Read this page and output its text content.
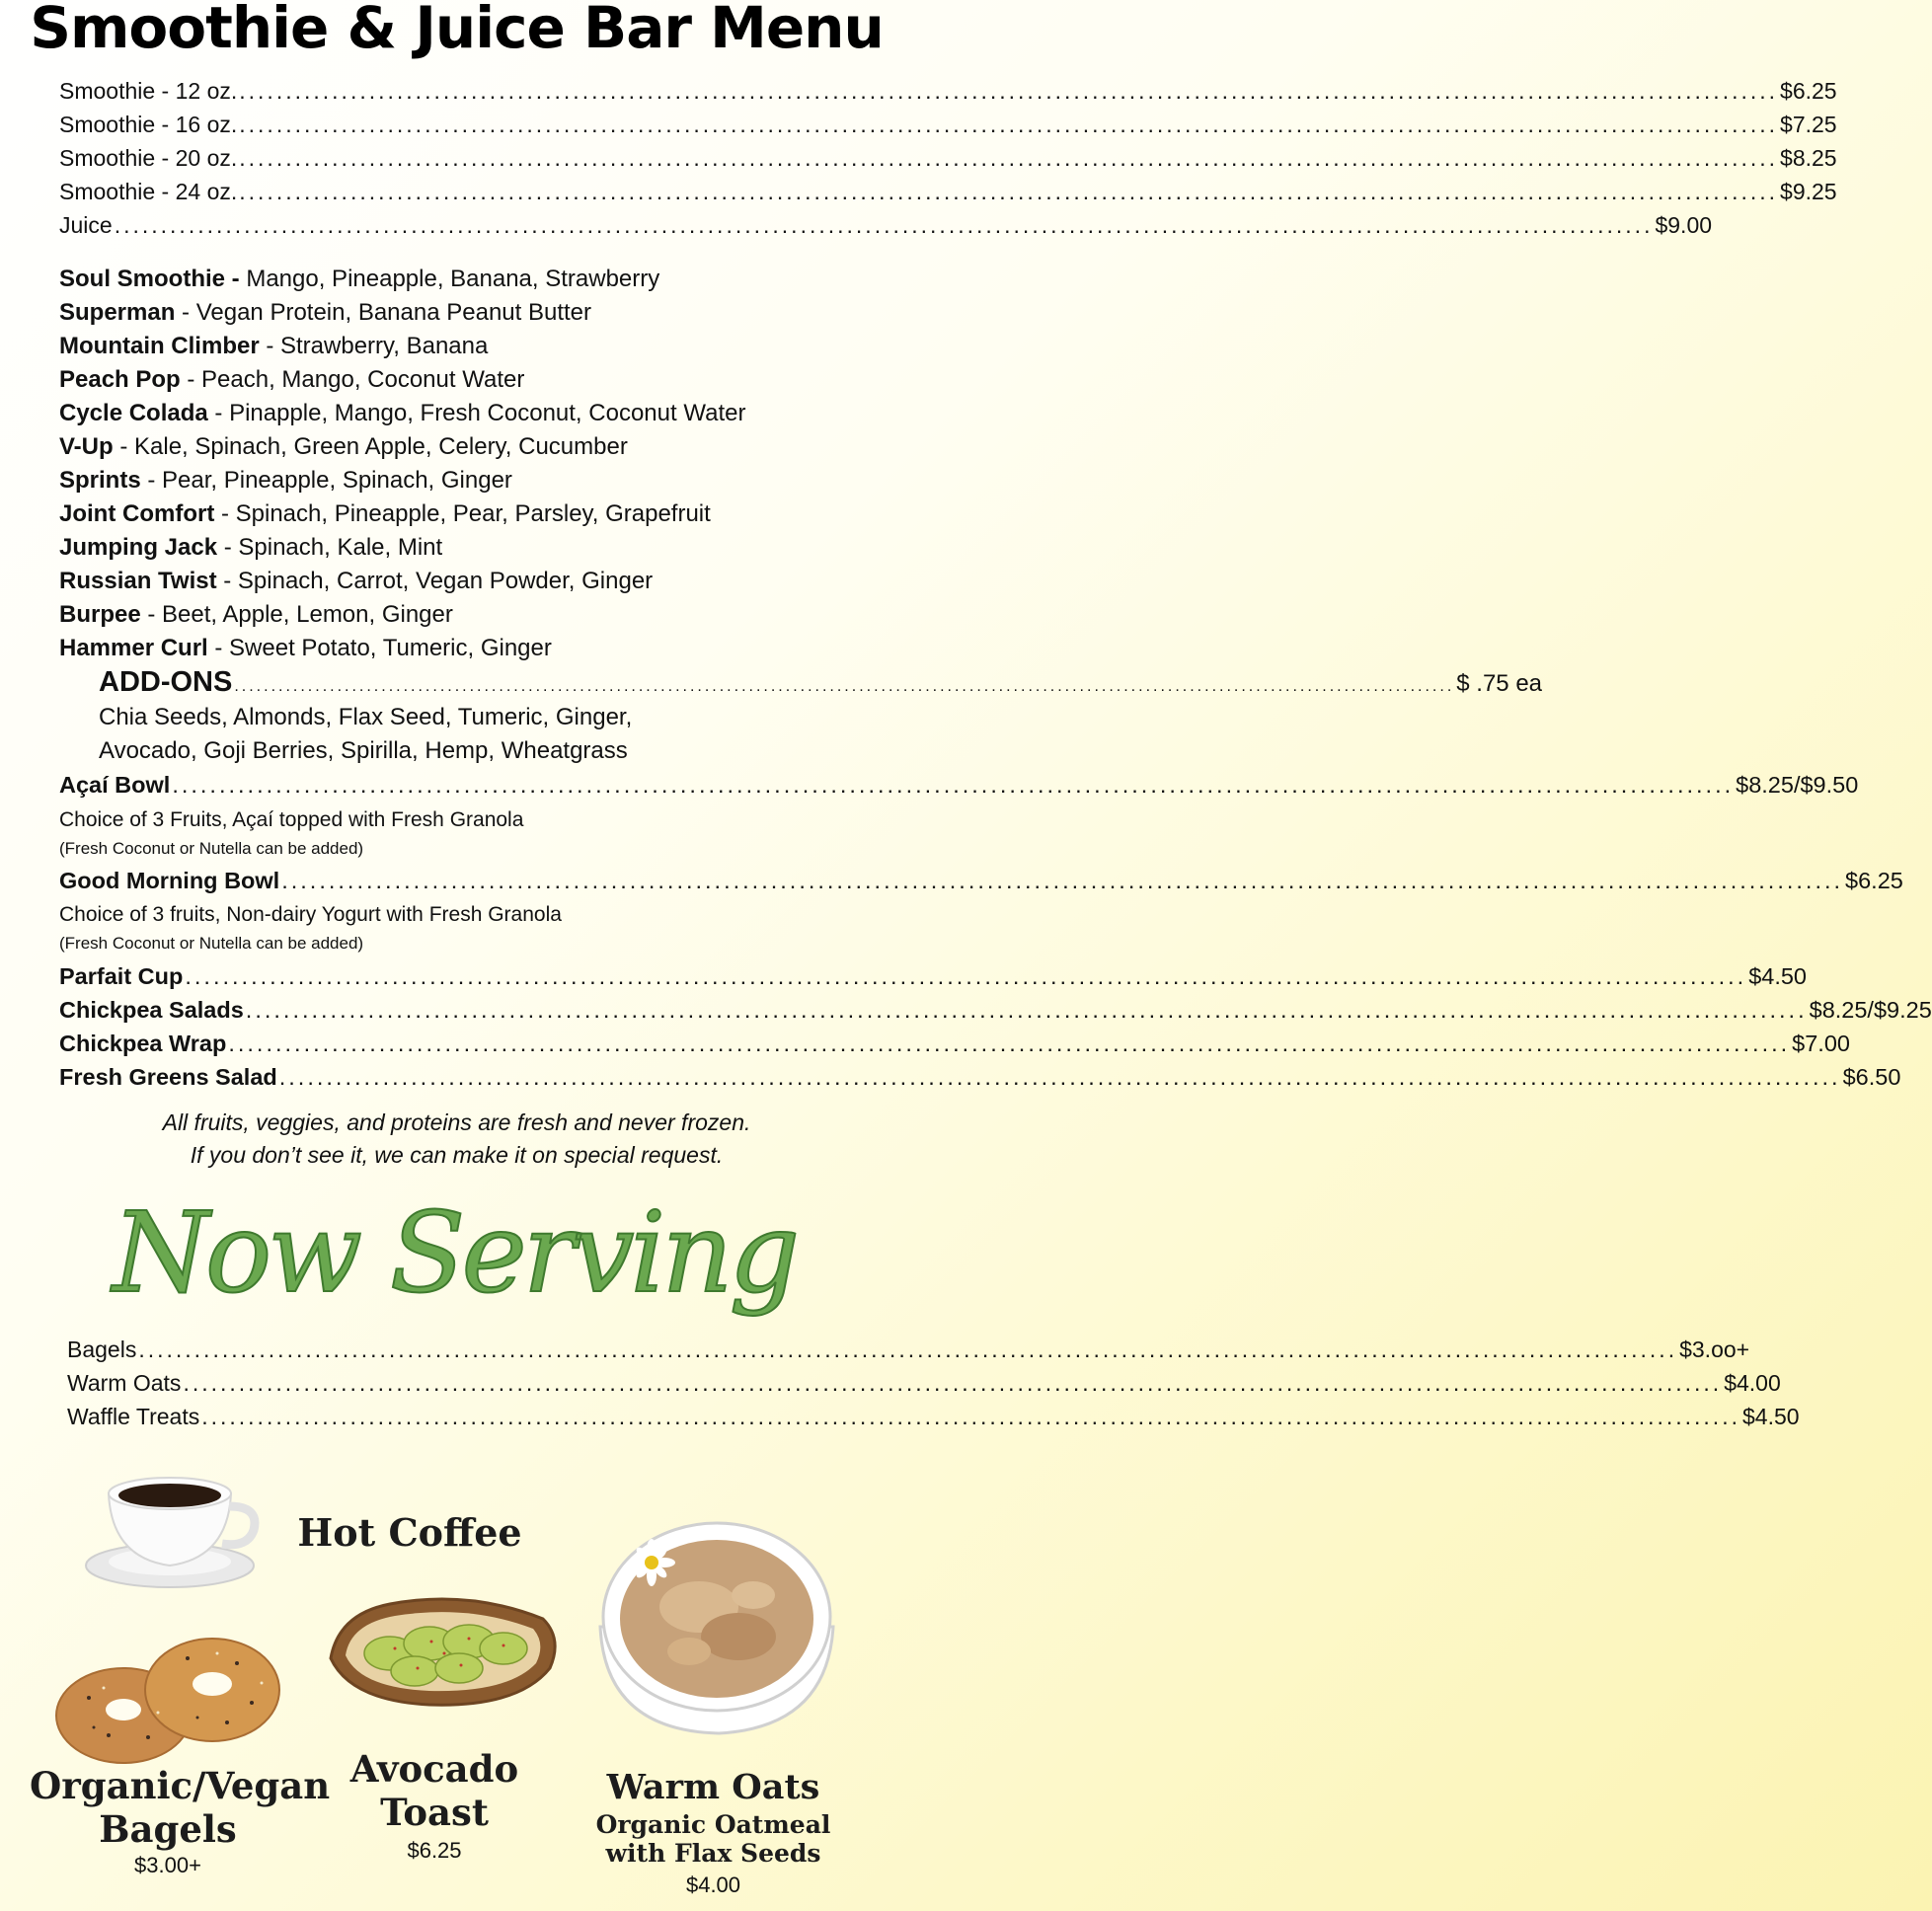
Smoothie & Juice Bar Menu
Smoothie - 12 oz. .....	$6.25
Smoothie - 16 oz. .....	$7.25
Smoothie - 20 oz. .....	$8.25
Smoothie - 24 oz. .....	$9.25
Juice .....	$9.00
Soul Smoothie - Mango, Pineapple, Banana, Strawberry
Superman - Vegan Protein, Banana Peanut Butter
Mountain Climber - Strawberry, Banana
Peach Pop - Peach, Mango, Coconut Water
Cycle Colada - Pinapple, Mango, Fresh Coconut, Coconut Water
V-Up - Kale, Spinach, Green Apple, Celery, Cucumber
Sprints - Pear, Pineapple, Spinach, Ginger
Joint Comfort - Spinach, Pineapple, Pear, Parsley, Grapefruit
Jumping Jack - Spinach, Kale, Mint
Russian Twist - Spinach, Carrot, Vegan Powder, Ginger
Burpee - Beet, Apple, Lemon, Ginger
Hammer Curl - Sweet Potato, Tumeric, Ginger
ADD-ONS .....	$ .75 ea
Chia Seeds, Almonds, Flax Seed, Tumeric, Ginger,
Avocado, Goji Berries, Spirilla, Hemp, Wheatgrass
Açaí Bowl .....	$8.25/$9.50
Choice of 3 Fruits, Açaí topped with Fresh Granola
(Fresh Coconut or Nutella can be added)
Good Morning Bowl .....	$6.25
Choice of 3 fruits, Non-dairy Yogurt with Fresh Granola
(Fresh Coconut or Nutella can be added)
Parfait Cup .....	$4.50
Chickpea Salads .....	$8.25/$9.25
Chickpea Wrap .....	$7.00
Fresh Greens Salad .....	$6.50
All fruits, veggies, and proteins are fresh and never frozen.
If you don’t see it, we can make it on special request.
Now Serving
Bagels .....	$3.oo+
Warm Oats .....	$4.00
Waffle Treats .....	$4.50
Hot Coffee
Organic/Vegan
Bagels
$3.00+
Avocado
Toast
$6.25
Warm Oats
Organic Oatmeal
with Flax Seeds
$4.00
